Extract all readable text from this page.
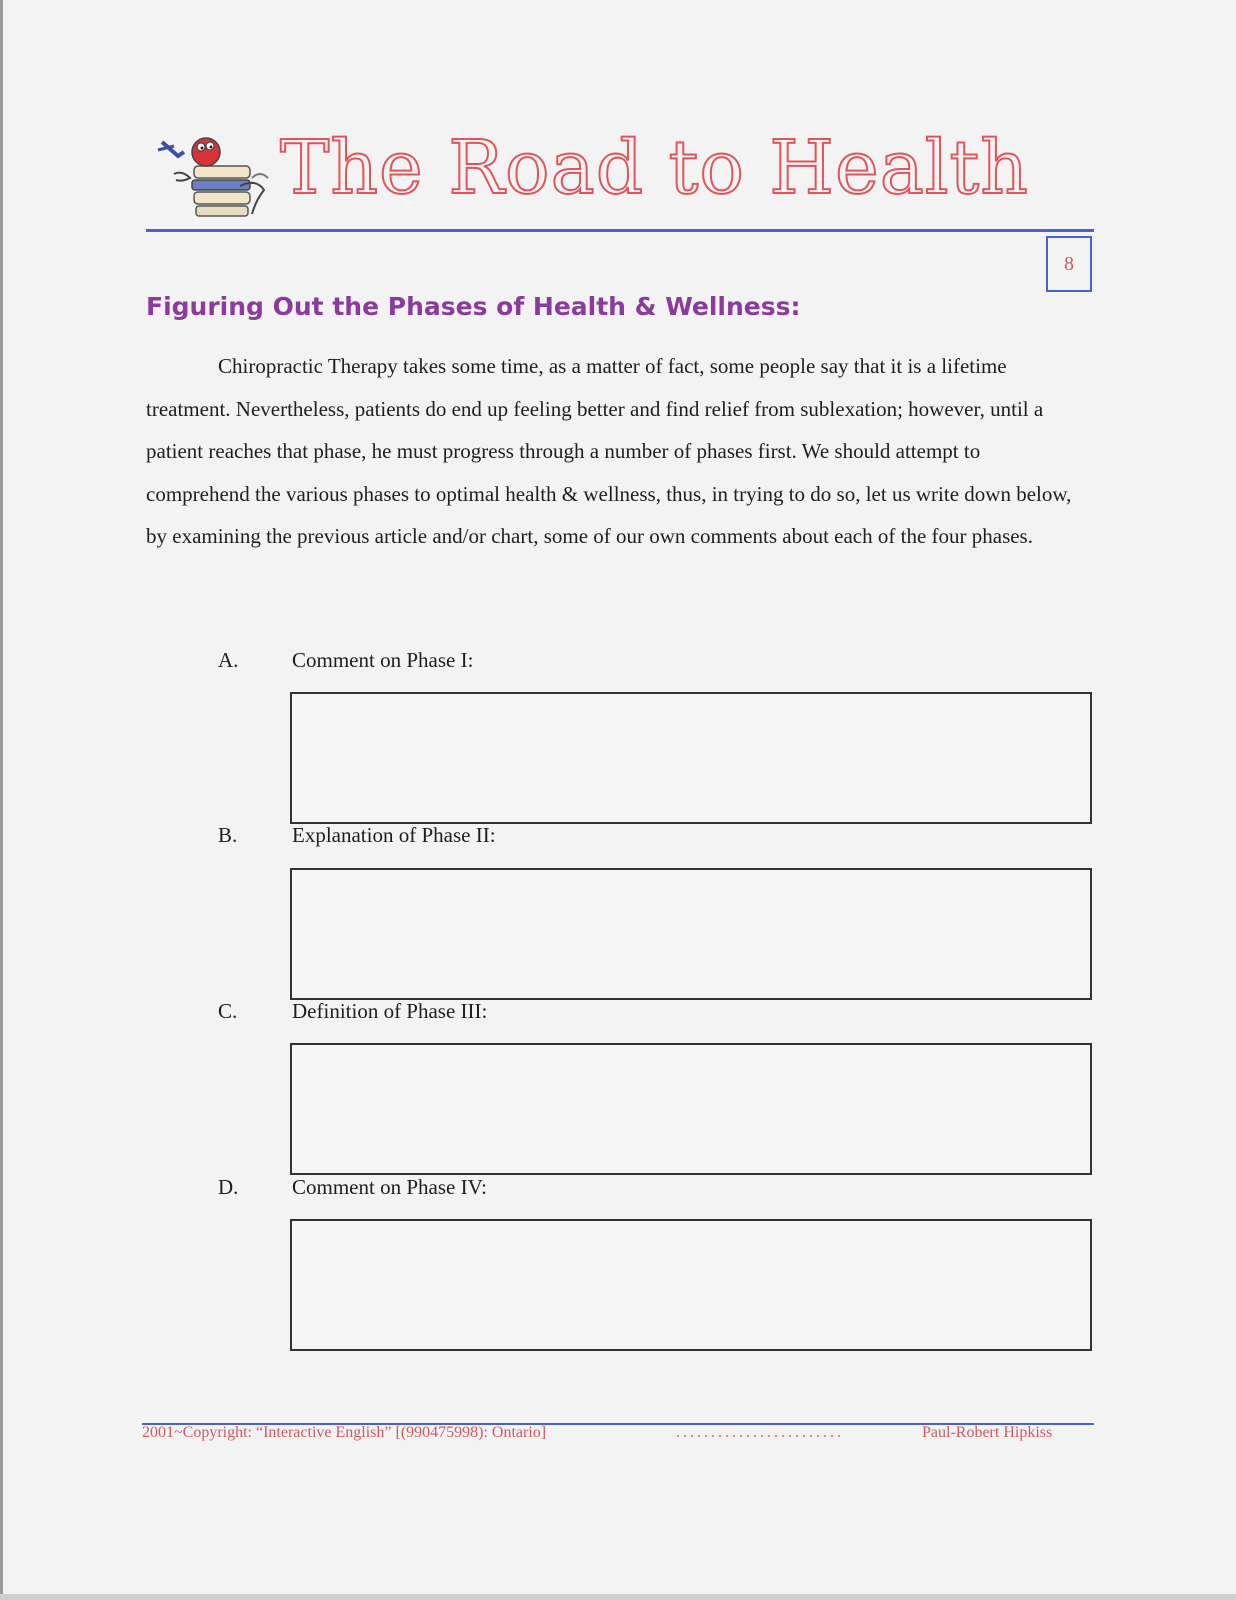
The Road to Health
8
Figuring Out the Phases of Health & Wellness:
Chiropractic Therapy takes some time, as a matter of fact, some people say that it is a lifetime treatment. Nevertheless, patients do end up feeling better and find relief from sublexation; however, until a patient reaches that phase, he must progress through a number of phases first. We should attempt to comprehend the various phases to optimal health & wellness, thus, in trying to do so, let us write down below, by examining the previous article and/or chart, some of our own comments about each of the four phases.
A.	Comment on Phase I:
B.	Explanation of Phase II:
C.	Definition of Phase III:
D.	Comment on Phase IV:
2001~Copyright: “Interactive English” [(990475998): Ontario]	........................	Paul-Robert Hipkiss
